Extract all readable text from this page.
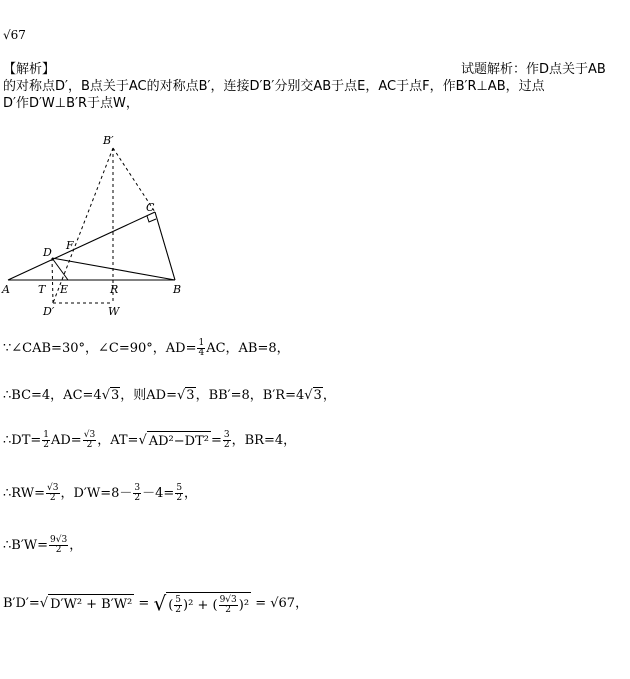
√67
【解析】	试题解析：作D点关于AB
的对称点D′，B点关于AC的对称点B′，连接D′B′分别交AB于点E，AC于点F，作B′R⊥AB，过点
D′作D′W⊥B′R于点W，
B′
C
D
F
A	T E	R	B
D′	W
∵∠CAB=30°，∠C=90°，$AD= \frac{1}{4}$ AC，AB=8，
∴BC=4，AC=4√3，则AD=√3，BB′=8，B′R=4√3，
∴DT= $\frac{1}{2} AD= \frac{√3}{2}$ ，AT=√ $AD^2-DT^2 = \frac{3}{2}$ ，BR=4，
∴RW= $\frac{√3}{2}$ ，$D'W=8- \frac{3}{2} -4= \frac{5}{2}$ ，
∴B′W= $\frac{9√3}{2}$ ，
B′D′=√ D′W² + B′W² = √ ( $\frac{5}{2} )^2$ + ( $\frac{9√3}{2} )^2 = √67$，
